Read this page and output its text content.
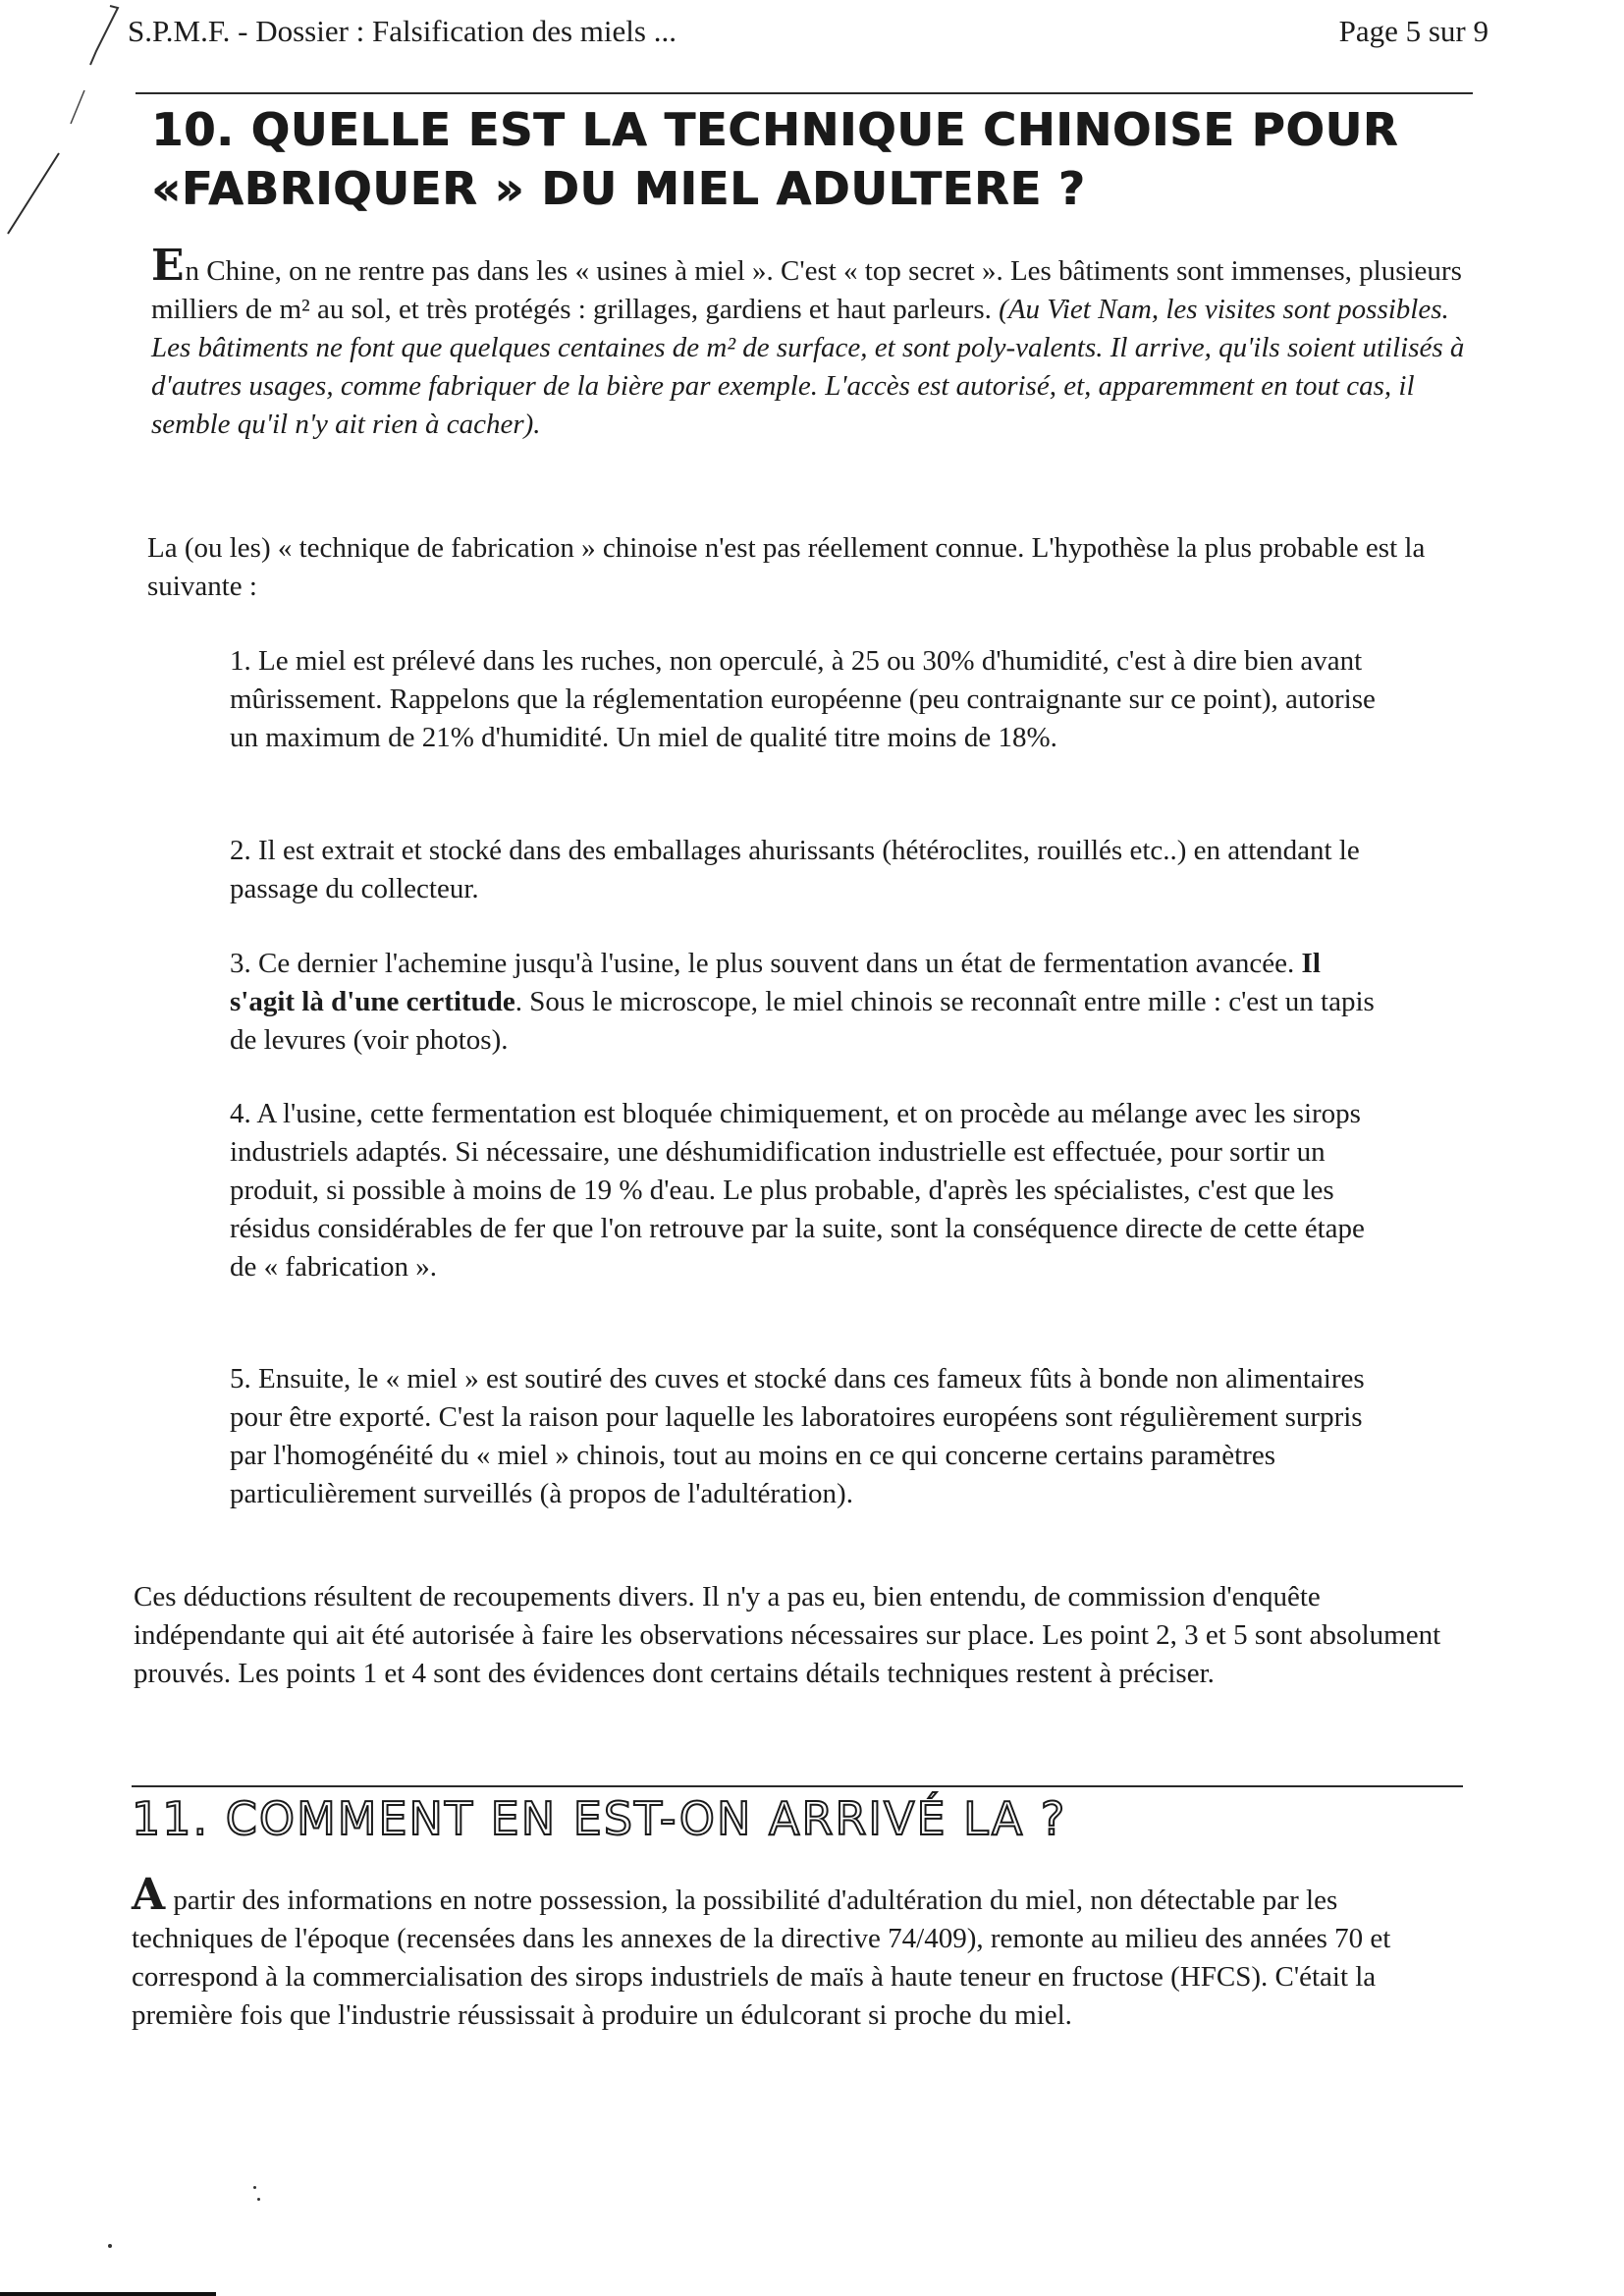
S.P.M.F. - Dossier : Falsification des miels ...	Page 5 sur 9
10. QUELLE EST LA TECHNIQUE CHINOISE POUR
«FABRIQUER » DU MIEL ADULTERE ?

En Chine, on ne rentre pas dans les « usines à miel ». C'est « top secret ». Les bâtiments sont immenses, plusieurs milliers de m² au sol, et très protégés : grillages, gardiens et haut parleurs. (Au Viet Nam, les visites sont possibles. Les bâtiments ne font que quelques centaines de m² de surface, et sont poly-valents. Il arrive, qu'ils soient utilisés à d'autres usages, comme fabriquer de la bière par exemple. L'accès est autorisé, et, apparemment en tout cas, il semble qu'il n'y ait rien à cacher).

La (ou les) « technique de fabrication » chinoise n'est pas réellement connue. L'hypothèse la plus probable est la suivante :

1. Le miel est prélevé dans les ruches, non operculé, à 25 ou 30% d'humidité, c'est à dire bien avant mûrissement. Rappelons que la réglementation européenne (peu contraignante sur ce point), autorise un maximum de 21% d'humidité. Un miel de qualité titre moins de 18%.

2. Il est extrait et stocké dans des emballages ahurissants (hétéroclites, rouillés etc..) en attendant le passage du collecteur.

3. Ce dernier l'achemine jusqu'à l'usine, le plus souvent dans un état de fermentation avancée. Il s'agit là d'une certitude. Sous le microscope, le miel chinois se reconnaît entre mille : c'est un tapis de levures (voir photos).

4. A l'usine, cette fermentation est bloquée chimiquement, et on procède au mélange avec les sirops industriels adaptés. Si nécessaire, une déshumidification industrielle est effectuée, pour sortir un produit, si possible à moins de 19 % d'eau. Le plus probable, d'après les spécialistes, c'est que les résidus considérables de fer que l'on retrouve par la suite, sont la conséquence directe de cette étape de « fabrication ».

5. Ensuite, le « miel » est soutiré des cuves et stocké dans ces fameux fûts à bonde non alimentaires pour être exporté. C'est la raison pour laquelle les laboratoires européens sont régulièrement surpris par l'homogénéité du « miel » chinois, tout au moins en ce qui concerne certains paramètres particulièrement surveillés (à propos de l'adultération).

Ces déductions résultent de recoupements divers. Il n'y a pas eu, bien entendu, de commission d'enquête indépendante qui ait été autorisée à faire les observations nécessaires sur place. Les point 2, 3 et 5 sont absolument prouvés. Les points 1 et 4 sont des évidences dont certains détails techniques restent à préciser.

11. COMMENT EN EST-ON ARRIVÉ LA ?

A partir des informations en notre possession, la possibilité d'adultération du miel, non détectable par les techniques de l'époque (recensées dans les annexes de la directive 74/409), remonte au milieu des années 70 et correspond à la commercialisation des sirops industriels de maïs à haute teneur en fructose (HFCS). C'était la première fois que l'industrie réussissait à produire un édulcorant si proche du miel.
